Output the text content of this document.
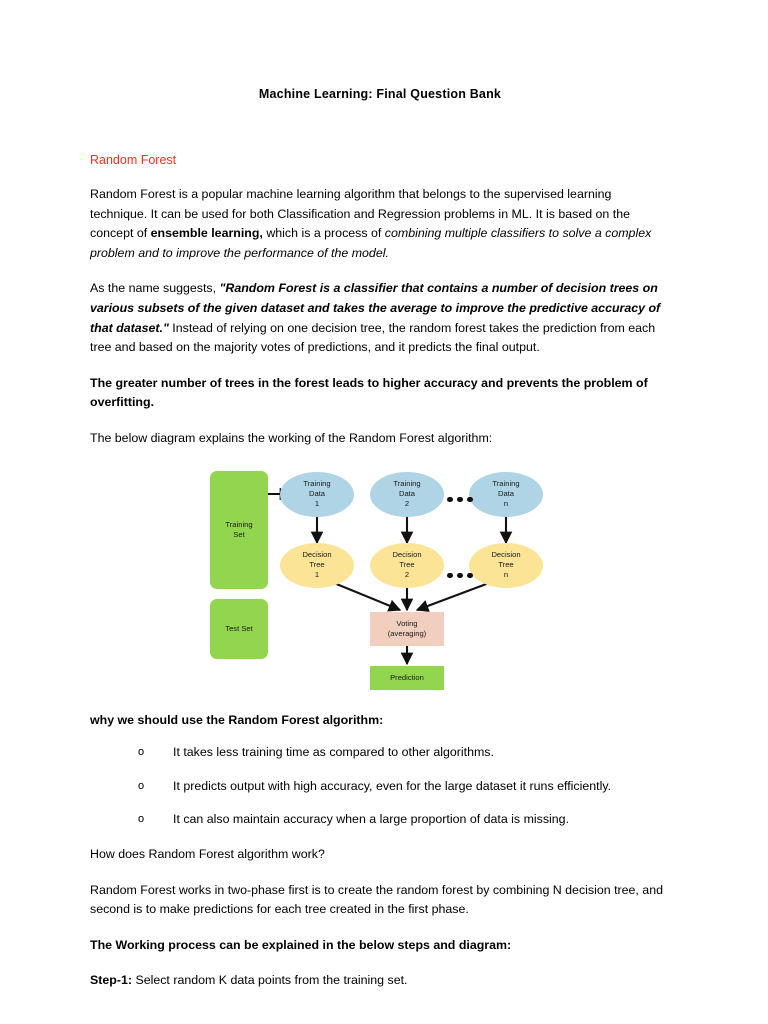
Machine Learning: Final Question Bank
Random Forest

Random Forest is a popular machine learning algorithm that belongs to the supervised learning technique. It can be used for both Classification and Regression problems in ML. It is based on the concept of ensemble learning, which is a process of combining multiple classifiers to solve a complex problem and to improve the performance of the model.

As the name suggests, "Random Forest is a classifier that contains a number of decision trees on various subsets of the given dataset and takes the average to improve the predictive accuracy of that dataset." Instead of relying on one decision tree, the random forest takes the prediction from each tree and based on the majority votes of predictions, and it predicts the final output.

The greater number of trees in the forest leads to higher accuracy and prevents the problem of overfitting.

The below diagram explains the working of the Random Forest algorithm:

Training
Set
Test Set
Training
Data
1
Training
Data
2
Training
Data
n
Decision
Tree
1
Decision
Tree
2
Decision
Tree
n
Voting
(averaging)
Prediction

why we should use the Random Forest algorithm:

o It takes less training time as compared to other algorithms.
o It predicts output with high accuracy, even for the large dataset it runs efficiently.
o It can also maintain accuracy when a large proportion of data is missing.

How does Random Forest algorithm work?

Random Forest works in two-phase first is to create the random forest by combining N decision tree, and second is to make predictions for each tree created in the first phase.

The Working process can be explained in the below steps and diagram:

Step-1: Select random K data points from the training set.
